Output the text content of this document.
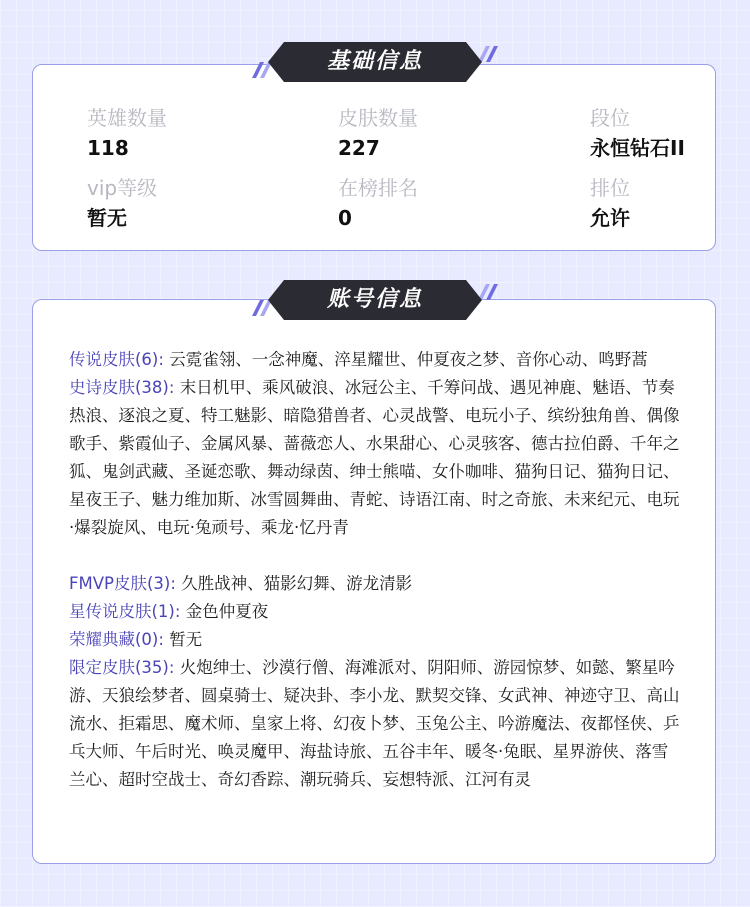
英雄数量
118
皮肤数量
227
段位
永恒钻石II
vip等级
暂无
在榜排名
0
排位
允许
基础信息
传说皮肤(6): 云霓雀翎、一念神魔、淬星耀世、仲夏夜之梦、音你心动、鸣野蒿
史诗皮肤(38): 末日机甲、乘风破浪、冰冠公主、千筹问战、遇见神鹿、魅语、节奏热浪、逐浪之夏、特工魅影、暗隐猎兽者、心灵战警、电玩小子、缤纷独角兽、偶像歌手、紫霞仙子、金属风暴、蔷薇恋人、水果甜心、心灵骇客、德古拉伯爵、千年之狐、鬼剑武藏、圣诞恋歌、舞动绿茵、绅士熊喵、女仆咖啡、猫狗日记、猫狗日记、星夜王子、魅力维加斯、冰雪圆舞曲、青蛇、诗语江南、时之奇旅、未来纪元、电玩·爆裂旋风、电玩·兔顽号、乘龙·忆丹青
FMVP皮肤(3): 久胜战神、猫影幻舞、游龙清影
星传说皮肤(1): 金色仲夏夜
荣耀典藏(0): 暂无
限定皮肤(35): 火炮绅士、沙漠行僧、海滩派对、阴阳师、游园惊梦、如懿、繁星吟游、天狼绘梦者、圆桌骑士、疑决卦、李小龙、默契交锋、女武神、神迹守卫、高山流水、拒霜思、魔术师、皇家上将、幻夜卜梦、玉兔公主、吟游魔法、夜都怪侠、乒乓大师、午后时光、唤灵魔甲、海盐诗旅、五谷丰年、暖冬·兔眠、星界游侠、落雪兰心、超时空战士、奇幻香踪、潮玩骑兵、妄想特派、江河有灵
账号信息
